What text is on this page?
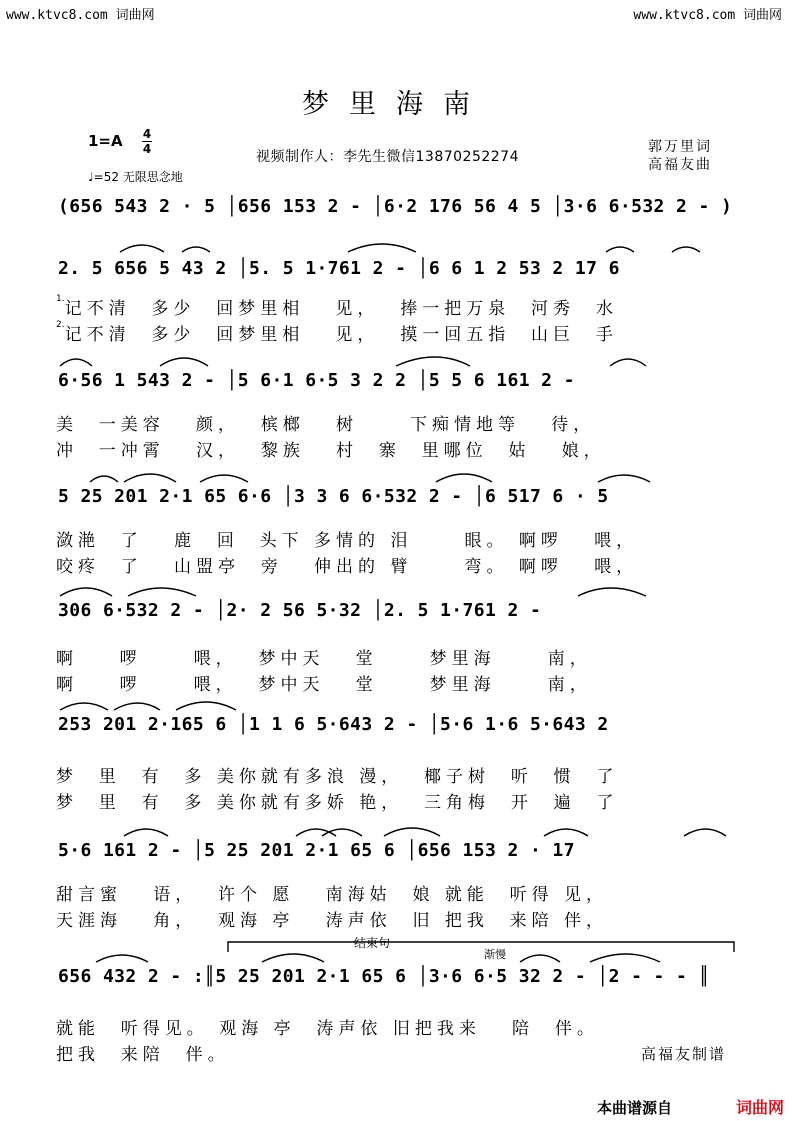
www.ktvc8.com 词曲网	www.ktvc8.com 词曲网
梦里海南
1=A 4
4	视频制作人：李先生微信13870252274
郭万里词
高福友曲
♩=52 无限思念地
(656 543 2 · 5 │656 153 2 - │6·2 176 56 4 5 │3·6 6·532 2 - )
2. 5 656 5 43 2 │5. 5 1·761 2 - │6 6 1 2 53 2 17 6
6·56 1 543 2 - │5 6·1 6·5 3 2 2 │5 5 6 161 2 -
5 25 201 2·1 65 6·6 │3 3 6 6·532 2 - │6 517 6 · 5
306 6·532 2 - │2· 2 56 5·32 │2. 5 1·761 2 -
253 201 2·165 6 │1 1 6 5·643 2 - │5·6 1·6 5·643 2
5·6 161 2 - │5 25 201 2·1 65 6 │656 153 2 · 17
656 432 2 - :║5 25 201 2·1 65 6 │3·6 6·5 32 2 - │2 - - - ║
$^{1.}$记不清  多少  回梦里相   见，  捧一把万泉  河秀  水
$^{2.}$记不清  多少  回梦里相   见，  摸一回五指  山巨  手
美  一美容   颜，  槟榔   树     下痴情地等   待，
冲  一冲霄   汉，  黎族   村  寨  里哪位  姑   娘，
潋滟  了   鹿  回  头下 多情的 泪     眼。 啊啰   喂，
咬疼  了   山盟亭  旁   伸出的 臂     弯。 啊啰   喂，
啊    啰     喂，  梦中天   堂     梦里海     南，
啊    啰     喂，  梦中天   堂     梦里海     南，
梦  里  有  多 美你就有多浪 漫，  椰子树  听  惯  了
梦  里  有  多 美你就有多娇 艳，  三角梅  开  遍  了
甜言蜜   语，  许个 愿   南海姑  娘 就能  听得 见，
天涯海   角，  观海 亭   涛声依  旧 把我  来陪 伴，
就能  听得见。 观海 亭  涛声依 旧把我来   陪  伴。
把我  来陪  伴。
结束句
渐慢
高福友制谱
本曲谱源自	词曲网
